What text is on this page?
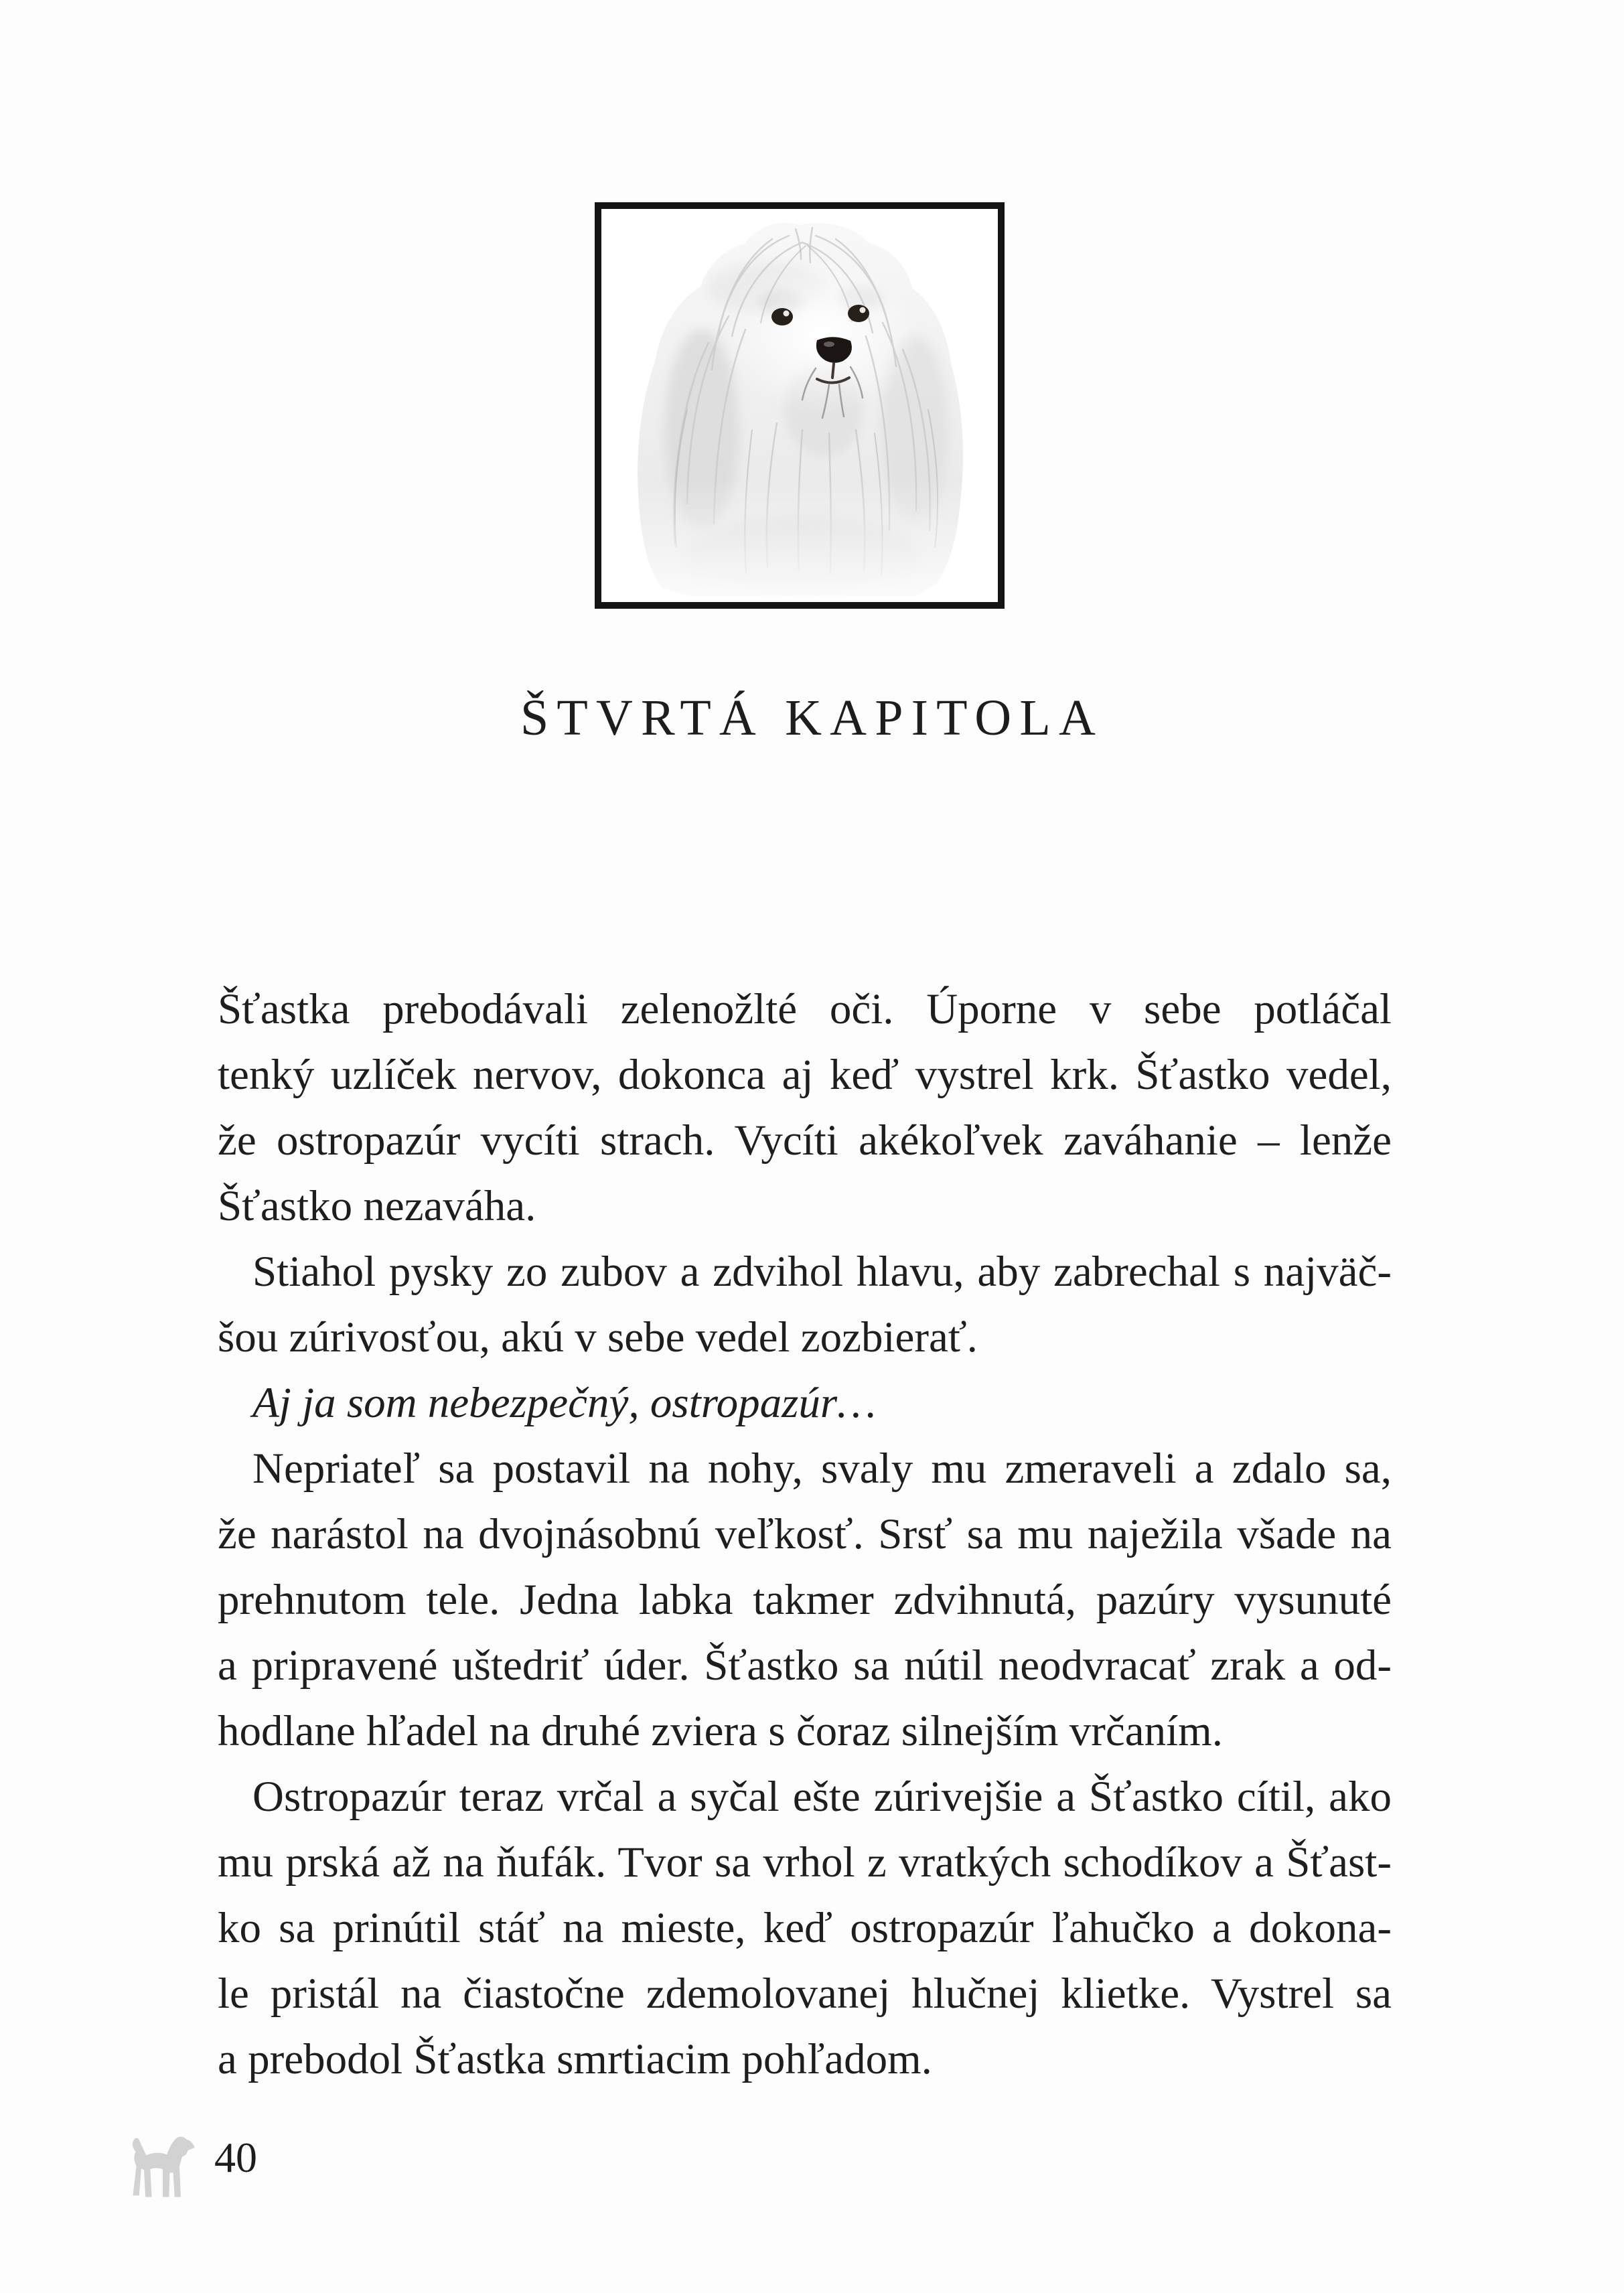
ŠTVRTÁ KAPITOLA
Šťastka prebodávali zelenožlté oči. Úporne v sebe potláčal
tenký uzlíček nervov, dokonca aj keď vystrel krk. Šťastko vedel,
že ostropazúr vycíti strach. Vycíti akékoľvek zaváhanie – lenže
Šťastko nezaváha.
Stiahol pysky zo zubov a zdvihol hlavu, aby zabrechal s najväč-
šou zúrivosťou, akú v sebe vedel zozbierať.
Aj ja som nebezpečný, ostropazúr…
Nepriateľ sa postavil na nohy, svaly mu zmeraveli a zdalo sa,
že narástol na dvojnásobnú veľkosť. Srsť sa mu naježila všade na
prehnutom tele. Jedna labka takmer zdvihnutá, pazúry vysunuté
a pripravené uštedriť úder. Šťastko sa nútil neodvracať zrak a od-
hodlane hľadel na druhé zviera s čoraz silnejším vrčaním.
Ostropazúr teraz vrčal a syčal ešte zúrivejšie a Šťastko cítil, ako
mu prská až na ňufák. Tvor sa vrhol z vratkých schodíkov a Šťast-
ko sa prinútil stáť na mieste, keď ostropazúr ľahučko a dokona-
le pristál na čiastočne zdemolovanej hlučnej klietke. Vystrel sa
a prebodol Šťastka smrtiacim pohľadom.
40
